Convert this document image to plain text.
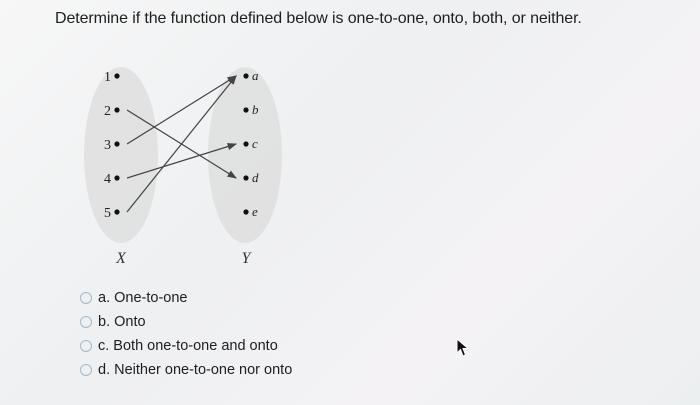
Determine if the function defined below is one-to-one, onto, both, or neither.
1
2
3
4
5
a
b
c
d
e
X	Y
a. One-to-one
b. Onto
c. Both one-to-one and onto
d. Neither one-to-one nor onto
